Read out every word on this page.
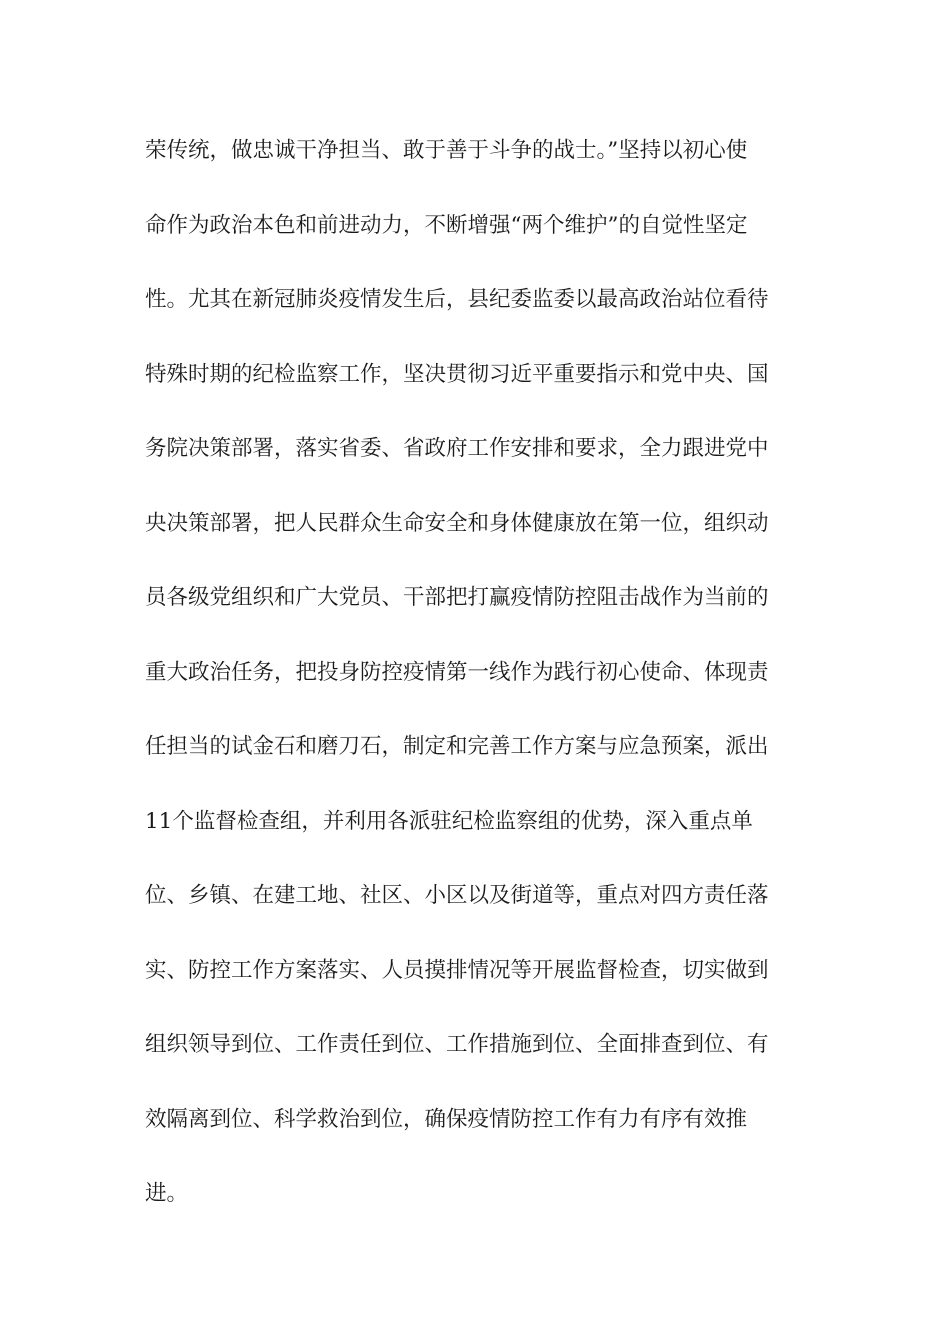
荣传统，做忠诚干净担当、敢于善于斗争的战士。”坚持以初心使
命作为政治本色和前进动力，不断增强“两个维护”的自觉性坚定
性。尤其在新冠肺炎疫情发生后，县纪委监委以最高政治站位看待
特殊时期的纪检监察工作，坚决贯彻习近平重要指示和党中央、国
务院决策部署，落实省委、省政府工作安排和要求，全力跟进党中
央决策部署，把人民群众生命安全和身体健康放在第一位，组织动
员各级党组织和广大党员、干部把打赢疫情防控阻击战作为当前的
重大政治任务，把投身防控疫情第一线作为践行初心使命、体现责
任担当的试金石和磨刀石，制定和完善工作方案与应急预案，派出
11个监督检查组，并利用各派驻纪检监察组的优势，深入重点单
位、乡镇、在建工地、社区、小区以及街道等，重点对四方责任落
实、防控工作方案落实、人员摸排情况等开展监督检查，切实做到
组织领导到位、工作责任到位、工作措施到位、全面排查到位、有
效隔离到位、科学救治到位，确保疫情防控工作有力有序有效推
进。
